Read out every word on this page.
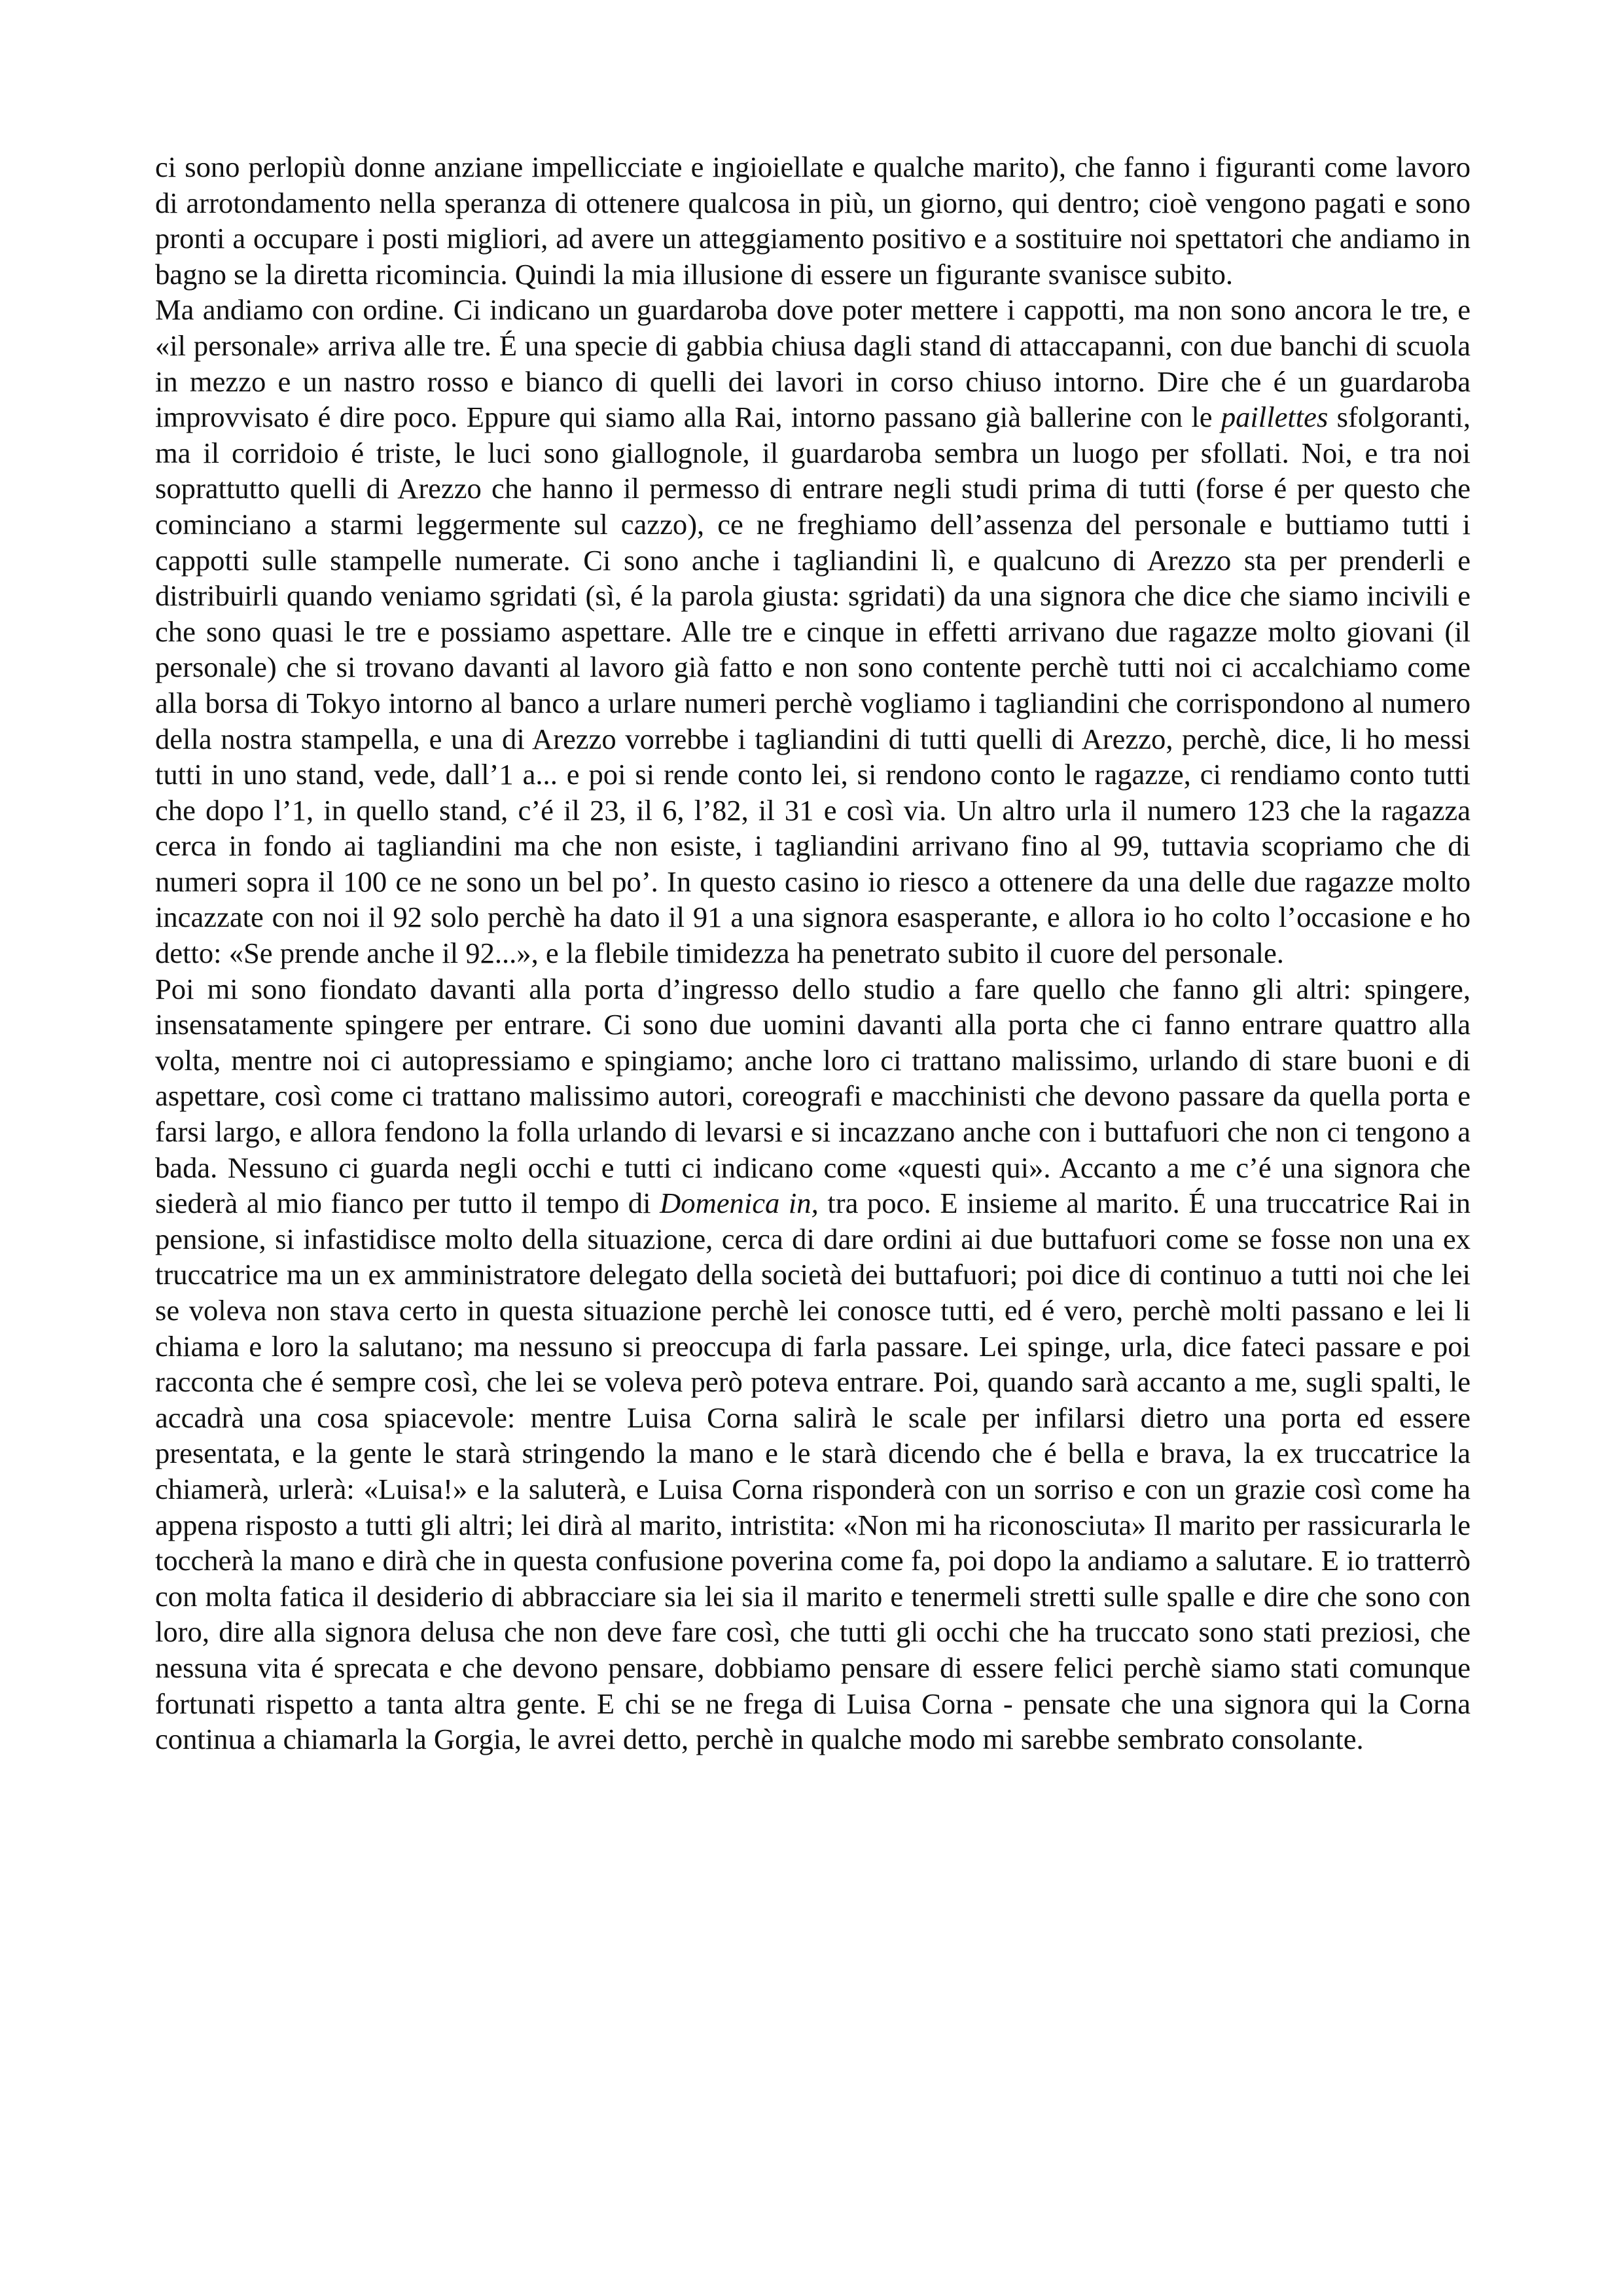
ci sono perlopiù donne anziane impellicciate e ingioiellate e qualche marito), che fanno i figuranti come lavoro di arrotondamento nella speranza di ottenere qualcosa in più, un giorno, qui dentro; cioè vengono pagati e sono pronti a occupare i posti migliori, ad avere un atteggiamento positivo e a sostituire noi spettatori che andiamo in bagno se la diretta ricomincia. Quindi la mia illusione di essere un figurante svanisce subito.

Ma andiamo con ordine. Ci indicano un guardaroba dove poter mettere i cappotti, ma non sono ancora le tre, e «il personale» arriva alle tre. É una specie di gabbia chiusa dagli stand di attaccapanni, con due banchi di scuola in mezzo e un nastro rosso e bianco di quelli dei lavori in corso chiuso intorno. Dire che é un guardaroba improvvisato é dire poco. Eppure qui siamo alla Rai, intorno passano già ballerine con le paillettes sfolgoranti, ma il corridoio é triste, le luci sono giallognole, il guardaroba sembra un luogo per sfollati. Noi, e tra noi soprattutto quelli di Arezzo che hanno il permesso di entrare negli studi prima di tutti (forse é per questo che cominciano a starmi leggermente sul cazzo), ce ne freghiamo dell’assenza del personale e buttiamo tutti i cappotti sulle stampelle numerate. Ci sono anche i tagliandini lì, e qualcuno di Arezzo sta per prenderli e distribuirli quando veniamo sgridati (sì, é la parola giusta: sgridati) da una signora che dice che siamo incivili e che sono quasi le tre e possiamo aspettare. Alle tre e cinque in effetti arrivano due ragazze molto giovani (il personale) che si trovano davanti al lavoro già fatto e non sono contente perchè tutti noi ci accalchiamo come alla borsa di Tokyo intorno al banco a urlare numeri perchè vogliamo i tagliandini che corrispondono al numero della nostra stampella, e una di Arezzo vorrebbe i tagliandini di tutti quelli di Arezzo, perchè, dice, li ho messi tutti in uno stand, vede, dall’1 a... e poi si rende conto lei, si rendono conto le ragazze, ci rendiamo conto tutti che dopo l’1, in quello stand, c’é il 23, il 6, l’82, il 31 e così via. Un altro urla il numero 123 che la ragazza cerca in fondo ai tagliandini ma che non esiste, i tagliandini arrivano fino al 99, tuttavia scopriamo che di numeri sopra il 100 ce ne sono un bel po’. In questo casino io riesco a ottenere da una delle due ragazze molto incazzate con noi il 92 solo perchè ha dato il 91 a una signora esasperante, e allora io ho colto l’occasione e ho detto: «Se prende anche il 92...», e la flebile timidezza ha penetrato subito il cuore del personale.

Poi mi sono fiondato davanti alla porta d’ingresso dello studio a fare quello che fanno gli altri: spingere, insensatamente spingere per entrare. Ci sono due uomini davanti alla porta che ci fanno entrare quattro alla volta, mentre noi ci autopressiamo e spingiamo; anche loro ci trattano malissimo, urlando di stare buoni e di aspettare, così come ci trattano malissimo autori, coreografi e macchinisti che devono passare da quella porta e farsi largo, e allora fendono la folla urlando di levarsi e si incazzano anche con i buttafuori che non ci tengono a bada. Nessuno ci guarda negli occhi e tutti ci indicano come «questi qui». Accanto a me c’é una signora che siederà al mio fianco per tutto il tempo di Domenica in, tra poco. E insieme al marito. É una truccatrice Rai in pensione, si infastidisce molto della situazione, cerca di dare ordini ai due buttafuori come se fosse non una ex truccatrice ma un ex amministratore delegato della società dei buttafuori; poi dice di continuo a tutti noi che lei se voleva non stava certo in questa situazione perchè lei conosce tutti, ed é vero, perchè molti passano e lei li chiama e loro la salutano; ma nessuno si preoccupa di farla passare. Lei spinge, urla, dice fateci passare e poi racconta che é sempre così, che lei se voleva però poteva entrare. Poi, quando sarà accanto a me, sugli spalti, le accadrà una cosa spiacevole: mentre Luisa Corna salirà le scale per infilarsi dietro una porta ed essere presentata, e la gente le starà stringendo la mano e le starà dicendo che é bella e brava, la ex truccatrice la chiamerà, urlerà: «Luisa!» e la saluterà, e Luisa Corna risponderà con un sorriso e con un grazie così come ha appena risposto a tutti gli altri; lei dirà al marito, intristita: «Non mi ha riconosciuta» Il marito per rassicurarla le toccherà la mano e dirà che in questa confusione poverina come fa, poi dopo la andiamo a salutare. E io tratterrò con molta fatica il desiderio di abbracciare sia lei sia il marito e tenermeli stretti sulle spalle e dire che sono con loro, dire alla signora delusa che non deve fare così, che tutti gli occhi che ha truccato sono stati preziosi, che nessuna vita é sprecata e che devono pensare, dobbiamo pensare di essere felici perchè siamo stati comunque fortunati rispetto a tanta altra gente. E chi se ne frega di Luisa Corna - pensate che una signora qui la Corna continua a chiamarla la Gorgia, le avrei detto, perchè in qualche modo mi sarebbe sembrato consolante.
